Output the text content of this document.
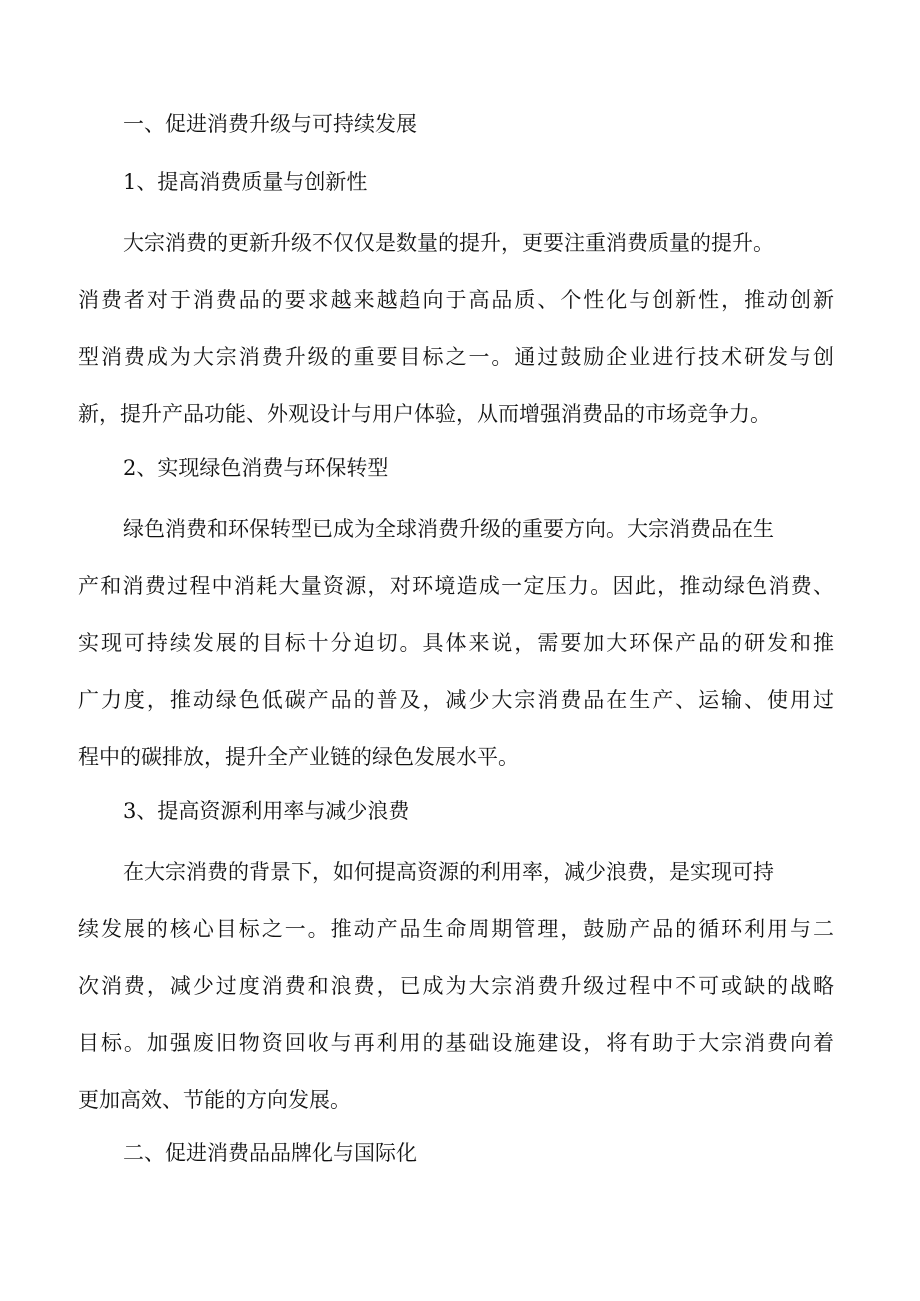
一、促进消费升级与可持续发展

1、提高消费质量与创新性

大宗消费的更新升级不仅仅是数量的提升，更要注重消费质量的提升。

消费者对于消费品的要求越来越趋向于高品质、个性化与创新性，推动创新

型消费成为大宗消费升级的重要目标之一。通过鼓励企业进行技术研发与创

新，提升产品功能、外观设计与用户体验，从而增强消费品的市场竞争力。

2、实现绿色消费与环保转型

绿色消费和环保转型已成为全球消费升级的重要方向。大宗消费品在生

产和消费过程中消耗大量资源，对环境造成一定压力。因此，推动绿色消费、

实现可持续发展的目标十分迫切。具体来说，需要加大环保产品的研发和推

广力度，推动绿色低碳产品的普及，减少大宗消费品在生产、运输、使用过

程中的碳排放，提升全产业链的绿色发展水平。

3、提高资源利用率与减少浪费

在大宗消费的背景下，如何提高资源的利用率，减少浪费，是实现可持

续发展的核心目标之一。推动产品生命周期管理，鼓励产品的循环利用与二

次消费，减少过度消费和浪费，已成为大宗消费升级过程中不可或缺的战略

目标。加强废旧物资回收与再利用的基础设施建设，将有助于大宗消费向着

更加高效、节能的方向发展。

二、促进消费品品牌化与国际化
